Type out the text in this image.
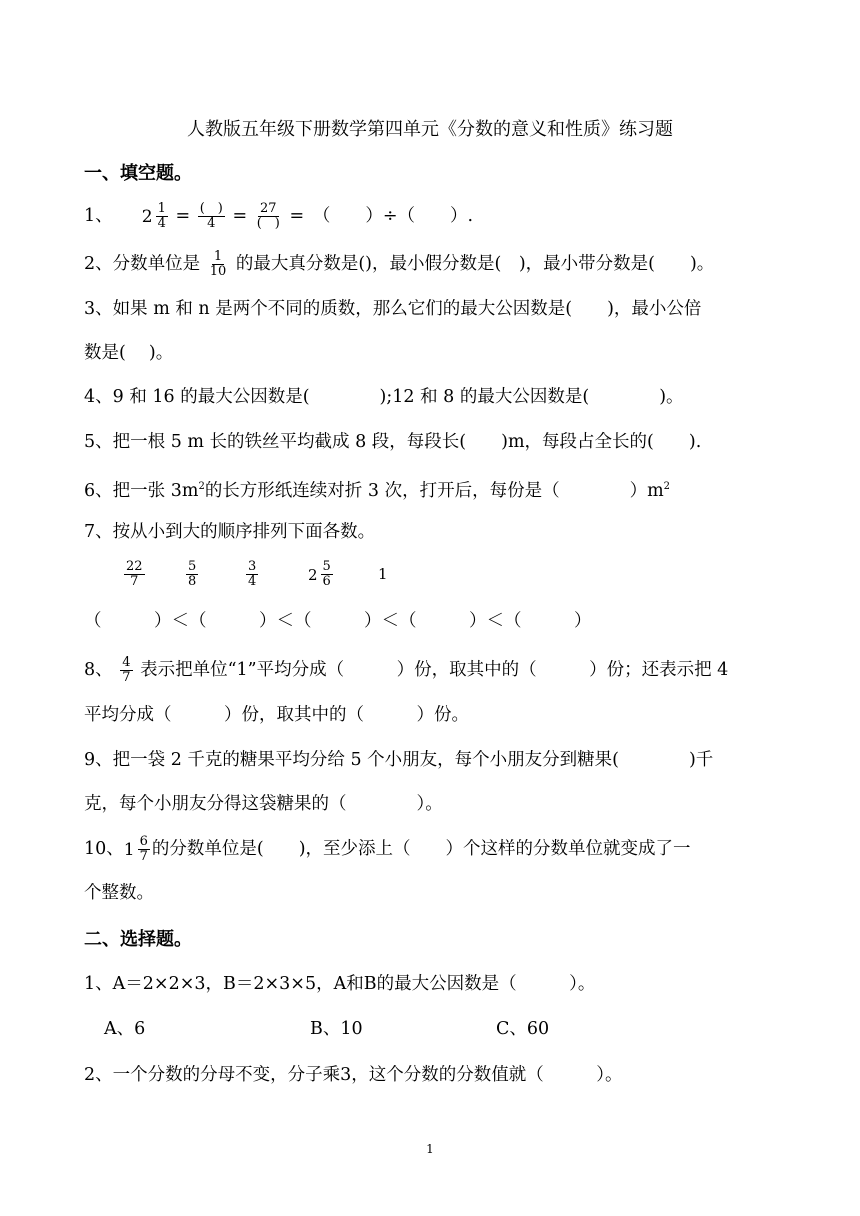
人教版五年级下册数学第四单元《分数的意义和性质》练习题
一、填空题。
1、 $2 \frac{1}{4} = \frac{( )}{4} = \frac{27}{( )}$ =　（　　）÷（　　）.
2、分数单位是 $\frac{1}{10}$ 的最大真分数是()，最小假分数是(　)，最小带分数是(　　)。
3、如果 m 和 n 是两个不同的质数，那么它们的最大公因数是(　　)，最小公倍
数是(　 )。
4、9 和 16 的最大公因数是(　　　　);12 和 8 的最大公因数是(　　　　)。
5、把一根 5 m 长的铁丝平均截成 8 段，每段长(　　)m，每段占全长的(　　).
6、把一张 $3m^2$的长方形纸连续对折 3 次，打开后，每份是（　　　　）$m^2$
7、按从小到大的顺序排列下面各数。
$\frac{22}{7}$	$\frac{5}{8}$	$\frac{3}{4}$	$2 \frac{5}{6}$	1
（　　　）＜（　　　）＜（　　　）＜（　　　）＜（　　　）
8、 $\frac{4}{7}$ 表示把单位“1”平均分成（　　　）份，取其中的（　　　）份；还表示把 4
平均分成（　　　）份，取其中的（　　　）份。
9、把一袋 2 千克的糖果平均分给 5 个小朋友，每个小朋友分到糖果(　　　　)千
克，每个小朋友分得这袋糖果的（　　　　）。
10、 $1 \frac{6}{7}$ 的分数单位是(　　)，至少添上（　　）个这样的分数单位就变成了一
个整数。
二、选择题。
1、A＝2×2×3，B＝2×3×5，A和B的最大公因数是（　　　）。
A、6	B、10	C、60
2、一个分数的分母不变，分子乘3，这个分数的分数值就（　　　）。
1
